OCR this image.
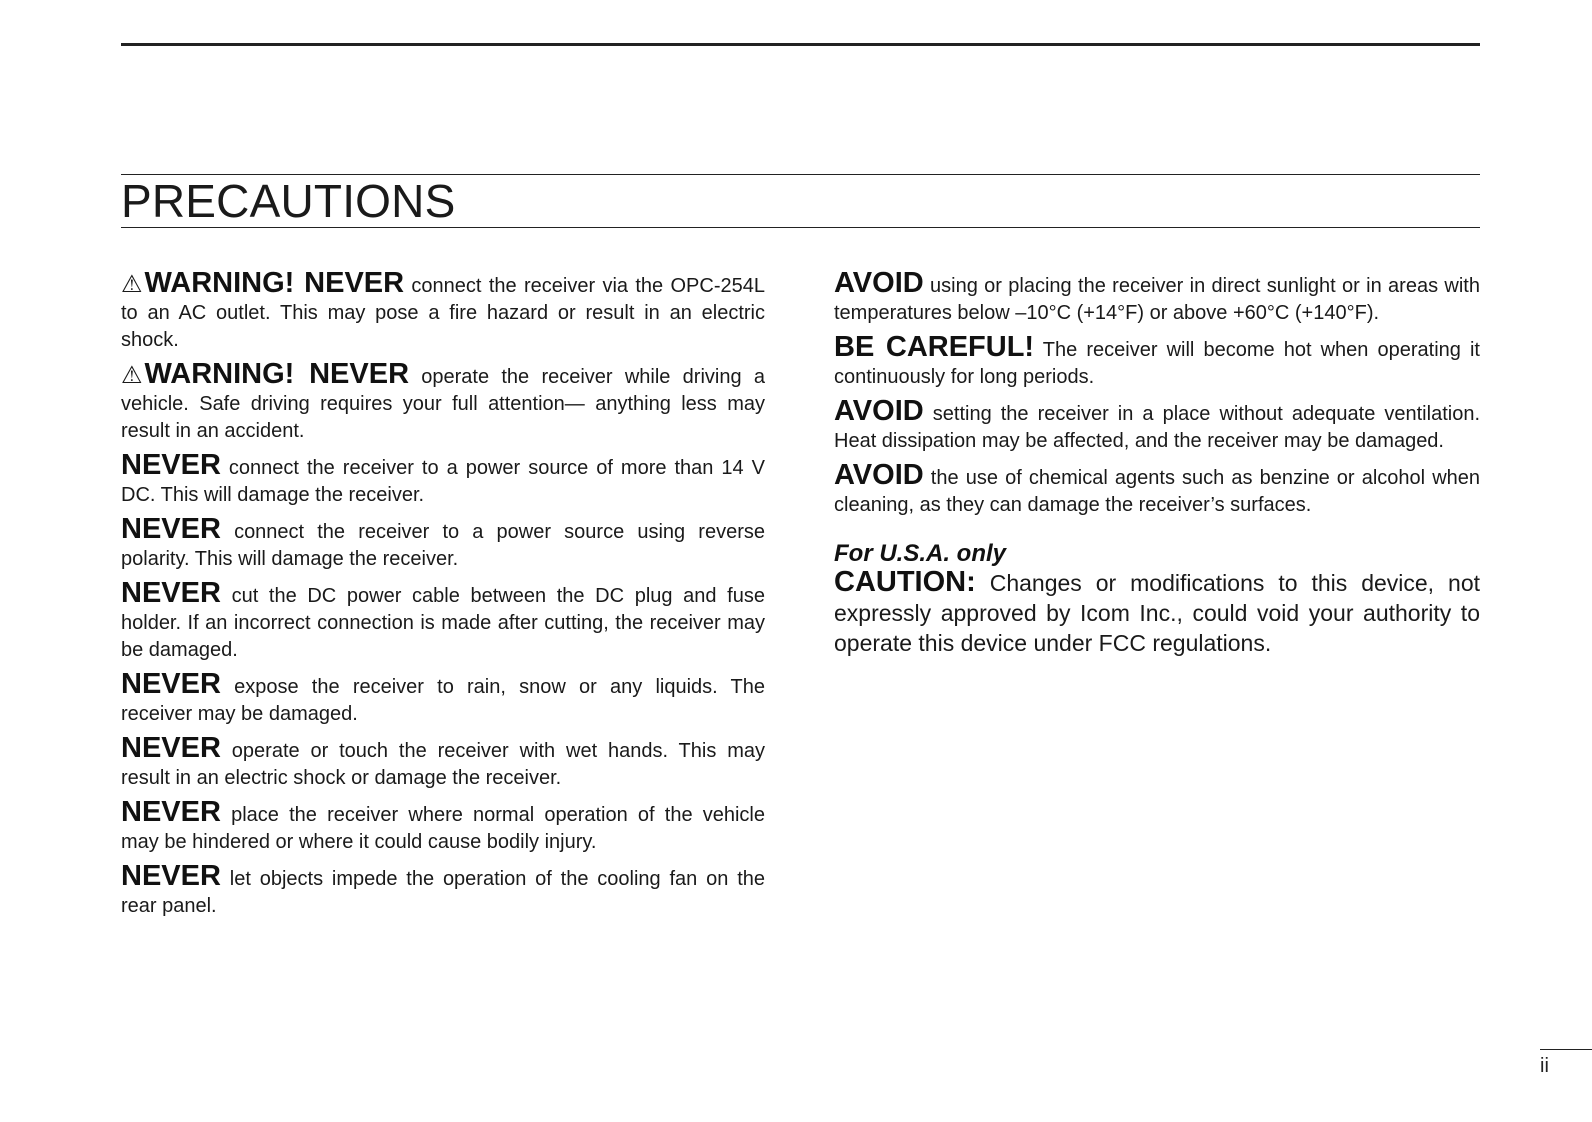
PRECAUTIONS

⚠WARNING! NEVER connect the receiver via the OPC-254L to an AC outlet. This may pose a fire hazard or result in an electric shock.

⚠WARNING! NEVER operate the receiver while driving a vehicle. Safe driving requires your full attention— anything less may result in an accident.

NEVER connect the receiver to a power source of more than 14 V DC. This will damage the receiver.

NEVER connect the receiver to a power source using reverse polarity. This will damage the receiver.

NEVER cut the DC power cable between the DC plug and fuse holder. If an incorrect connection is made after cutting, the receiver may be damaged.

NEVER expose the receiver to rain, snow or any liquids. The receiver may be damaged.

NEVER operate or touch the receiver with wet hands. This may result in an electric shock or damage the receiver.

NEVER place the receiver where normal operation of the vehicle may be hindered or where it could cause bodily injury.

NEVER let objects impede the operation of the cooling fan on the rear panel.

AVOID using or placing the receiver in direct sunlight or in areas with temperatures below –10°C (+14°F) or above +60°C (+140°F).

BE CAREFUL! The receiver will become hot when operating it continuously for long periods.

AVOID setting the receiver in a place without adequate ventilation. Heat dissipation may be affected, and the receiver may be damaged.

AVOID the use of chemical agents such as benzine or alcohol when cleaning, as they can damage the receiver’s surfaces.

For U.S.A. only

CAUTION: Changes or modifications to this device, not expressly approved by Icom Inc., could void your authority to operate this device under FCC regulations.

ii
